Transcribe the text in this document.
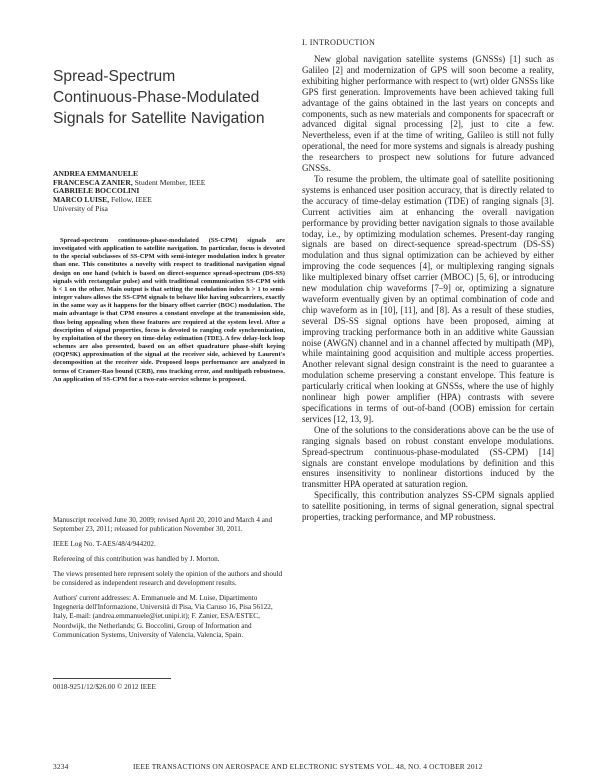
Spread-Spectrum
Continuous-Phase-Modulated
Signals for Satellite Navigation
ANDREA EMMANUELE
FRANCESCA ZANIER, Student Member, IEEE
GABRIELE BOCCOLINI
MARCO LUISE, Fellow, IEEE
University of Pisa

Spread-spectrum continuous-phase-modulated (SS-CPM) signals are investigated with application to satellite navigation. In particular, focus is devoted to the special subclasses of SS-CPM with semi-integer modulation index h greater than one. This constitutes a novelty with respect to traditional navigation signal design on one hand (which is based on direct-sequence spread-spectrum (DS-SS) signals with rectangular pulse) and with traditional communication SS-CPM with h < 1 on the other. Main output is that setting the modulation index h > 1 to semi-integer values allows the SS-CPM signals to behave like having subcarriers, exactly in the same way as it happens for the binary offset carrier (BOC) modulation. The main advantage is that CPM ensures a constant envelope at the transmission side, thus being appealing when these features are required at the system level. After a description of signal properties, focus is devoted to ranging code synchronization, by exploitation of the theory on time-delay estimation (TDE). A few delay-lock loop schemes are also presented, based on an offset quadrature phase-shift keying (OQPSK) approximation of the signal at the receiver side, achieved by Laurent's decomposition at the receiver side. Proposed loops performance are analyzed in terms of Cramer-Rao bound (CRB), rms tracking error, and multipath robustness. An application of SS-CPM for a two-rate-service scheme is proposed.

Manuscript received June 30, 2009; revised April 20, 2010 and March 4 and September 23, 2011; released for publication November 30, 2011.

IEEE Log No. T-AES/48/4/944202.

Refereeing of this contribution was handled by J. Morton.

The views presented here represent solely the opinion of the authors and should be considered as independent research and development results.

Authors' current addresses: A. Emmanuele and M. Luise, Dipartimento Ingegneria dell'Informazione, Università di Pisa, Via Caruso 16, Pisa 56122, Italy, E-mail: (andrea.emmanuele@iet.unipi.it); F. Zanier, ESA/ESTEC, Noordwijk, the Netherlands; G. Boccolini, Group of Information and Communication Systems, University of Valencia, Valencia, Spain.

0018-9251/12/$26.00 © 2012 IEEE
I. INTRODUCTION

New global navigation satellite systems (GNSSs) [1] such as Galileo [2] and modernization of GPS will soon become a reality, exhibiting higher performance with respect to (wrt) older GNSSs like GPS first generation. Improvements have been achieved taking full advantage of the gains obtained in the last years on concepts and components, such as new materials and components for spacecraft or advanced digital signal processing [2], just to cite a few. Nevertheless, even if at the time of writing, Galileo is still not fully operational, the need for more systems and signals is already pushing the researchers to prospect new solutions for future advanced GNSSs.

To resume the problem, the ultimate goal of satellite positioning systems is enhanced user position accuracy, that is directly related to the accuracy of time-delay estimation (TDE) of ranging signals [3]. Current activities aim at enhancing the overall navigation performance by providing better navigation signals to those available today, i.e., by optimizing modulation schemes. Present-day ranging signals are based on direct-sequence spread-spectrum (DS-SS) modulation and thus signal optimization can be achieved by either improving the code sequences [4], or multiplexing ranging signals like multiplexed binary offset carrier (MBOC) [5, 6], or introducing new modulation chip waveforms [7–9] or, optimizing a signature waveform eventually given by an optimal combination of code and chip waveform as in [10], [11], and [8]. As a result of these studies, several DS-SS signal options have been proposed, aiming at improving tracking performance both in an additive white Gaussian noise (AWGN) channel and in a channel affected by multipath (MP), while maintaining good acquisition and multiple access properties. Another relevant signal design constraint is the need to guarantee a modulation scheme preserving a constant envelope. This feature is particularly critical when looking at GNSSs, where the use of highly nonlinear high power amplifier (HPA) contrasts with severe specifications in terms of out-of-band (OOB) emission for certain services [12, 13, 9].

One of the solutions to the considerations above can be the use of ranging signals based on robust constant envelope modulations. Spread-spectrum continuous-phase-modulated (SS-CPM) [14] signals are constant envelope modulations by definition and this ensures insensitivity to nonlinear distortions induced by the transmitter HPA operated at saturation region.

Specifically, this contribution analyzes SS-CPM signals applied to satellite positioning, in terms of signal generation, signal spectral properties, tracking performance, and MP robustness.

3234	IEEE TRANSACTIONS ON AEROSPACE AND ELECTRONIC SYSTEMS VOL. 48, NO. 4 OCTOBER 2012
